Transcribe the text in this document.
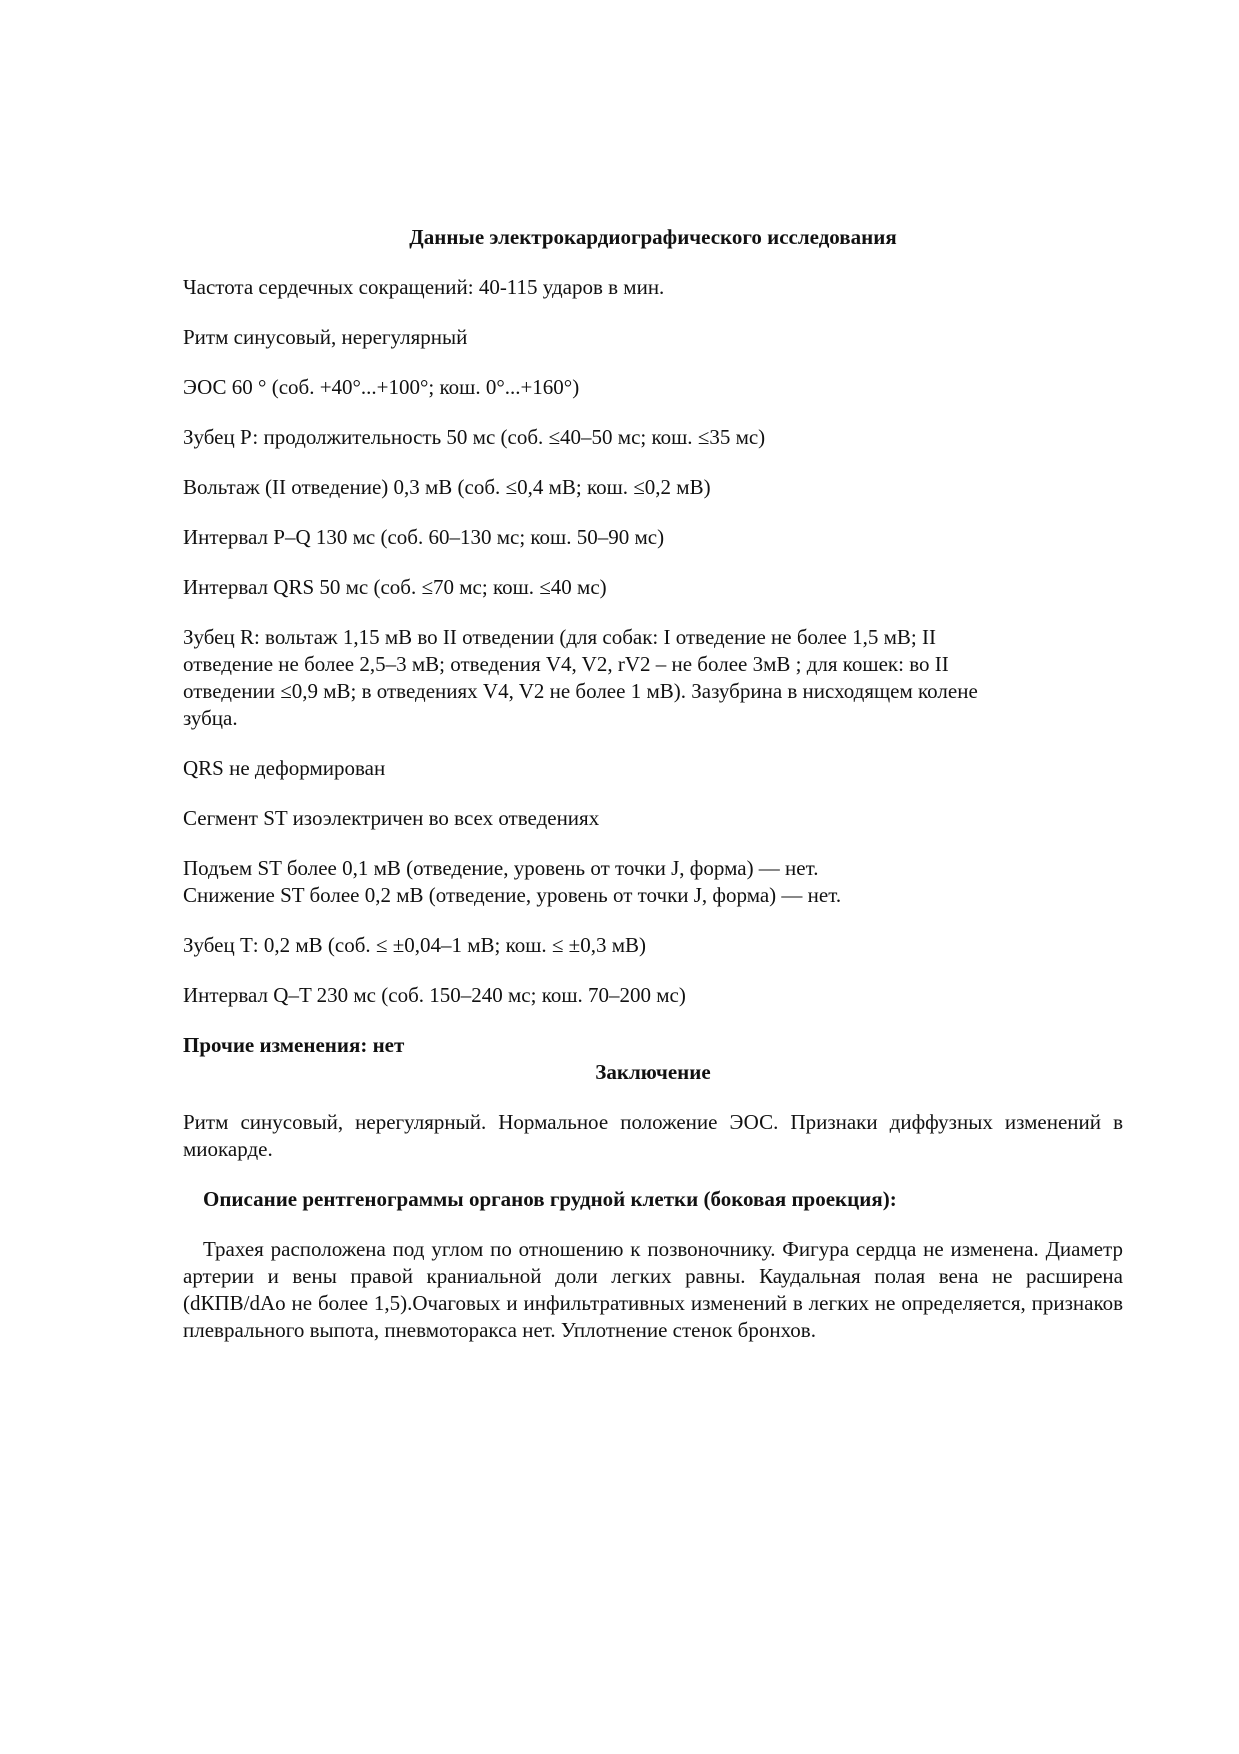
Данные электрокардиографического исследования
Частота сердечных сокращений: 40-115 ударов в мин.
Ритм синусовый, нерегулярный
ЭОС 60 ° (соб. +40°...+100°; кош. 0°...+160°)
Зубец Р: продолжительность 50 мс (соб. ≤40–50 мс; кош. ≤35 мс)
Вольтаж (II отведение) 0,3 мВ (соб. ≤0,4 мВ; кош. ≤0,2 мВ)
Интервал P–Q 130 мс (соб. 60–130 мс; кош. 50–90 мс)
Интервал QRS 50 мс (соб. ≤70 мс; кош. ≤40 мс)
Зубец R: вольтаж 1,15 мВ во II отведении (для собак: I отведение не более 1,5 мВ; II
отведение не более 2,5–3 мВ; отведения V4, V2, rV2 – не более 3мВ ; для кошек: во II
отведении ≤0,9 мВ; в отведениях V4, V2 не более 1 мВ). Зазубрина в нисходящем колене
зубца.
QRS не деформирован
Сегмент ST изоэлектричен во всех отведениях
Подъем ST более 0,1 мВ (отведение, уровень от точки J, форма) — нет.
Снижение ST более 0,2 мВ (отведение, уровень от точки J, форма) — нет.
Зубец Т: 0,2 мВ (соб. ≤ ±0,04–1 мВ; кош. ≤ ±0,3 мВ)
Интервал Q–T 230 мс (соб. 150–240 мс; кош. 70–200 мс)
Прочие изменения: нет
Заключение
Ритм синусовый, нерегулярный. Нормальное положение ЭОС. Признаки диффузных изменений в миокарде.
Описание рентгенограммы органов грудной клетки (боковая проекция):
Трахея расположена под углом по отношению к позвоночнику. Фигура сердца не изменена. Диаметр артерии и вены правой краниальной доли легких равны. Каудальная полая вена не расширена (dКПВ/dAo не более 1,5).Очаговых и инфильтративных изменений в легких не определяется, признаков плеврального выпота, пневмоторакса нет. Уплотнение стенок бронхов.
